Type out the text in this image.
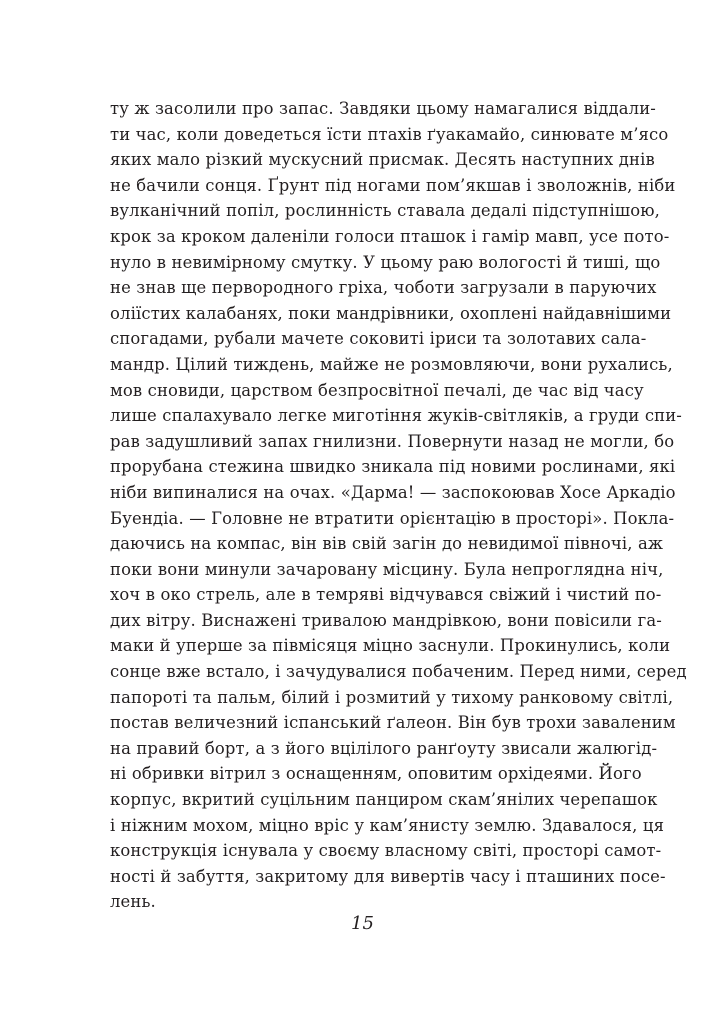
ту ж засолили про запас. Завдяки цьому намагалися віддали-
ти час, коли доведеться їсти птахів ґуакамайо, синювате м’ясо
яких мало різкий мускусний присмак. Десять наступних днів
не бачили сонця. Ґрунт під ногами пом’якшав і зволожнів, ніби
вулканічний попіл, рослинність ставала дедалі підступнішою,
крок за кроком даленіли голоси пташок і гамір мавп, усе пото-
нуло в невимірному смутку. У цьому раю вологості й тиші, що
не знав ще первородного гріха, чоботи загрузали в паруючих
оліїстих калабанях, поки мандрівники, охоплені найдавнішими
спогадами, рубали мачете соковиті іриси та золотавих сала-
мандр. Цілий тиждень, майже не розмовляючи, вони рухались,
мов сновиди, царством безпросвітної печалі, де час від часу
лише спалахувало легке миготіння жуків-світляків, а груди спи-
рав задушливий запах гнилизни. Повернути назад не могли, бо
прорубана стежина швидко зникала під новими рослинами, які
ніби випиналися на очах. «Дарма! — заспокоював Хосе Аркадіо
Буендіа. — Головне не втратити орієнтацію в просторі». Покла-
даючись на компас, він вів свій загін до невидимої півночі, аж
поки вони минули зачаровану місцину. Була непроглядна ніч,
хоч в око стрель, але в темряві відчувався свіжий і чистий по-
дих вітру. Виснажені тривалою мандрівкою, вони повісили га-
маки й уперше за півмісяця міцно заснули. Прокинулись, коли
сонце вже встало, і зачудувалися побаченим. Перед ними, серед
папороті та пальм, білий і розмитий у тихому ранковому світлі,
постав величезний іспанський ґалеон. Він був трохи заваленим
на правий борт, а з його вцілілого ранґоуту звисали жалюгід-
ні обривки вітрил з оснащенням, оповитим орхідеями. Його
корпус, вкритий суцільним панциром скам’янілих черепашок
і ніжним мохом, міцно вріс у кам’янисту землю. Здавалося, ця
конструкція існувала у своєму власному світі, просторі самот-
ності й забуття, закритому для вивертів часу і пташиних посе-
лень.
15
